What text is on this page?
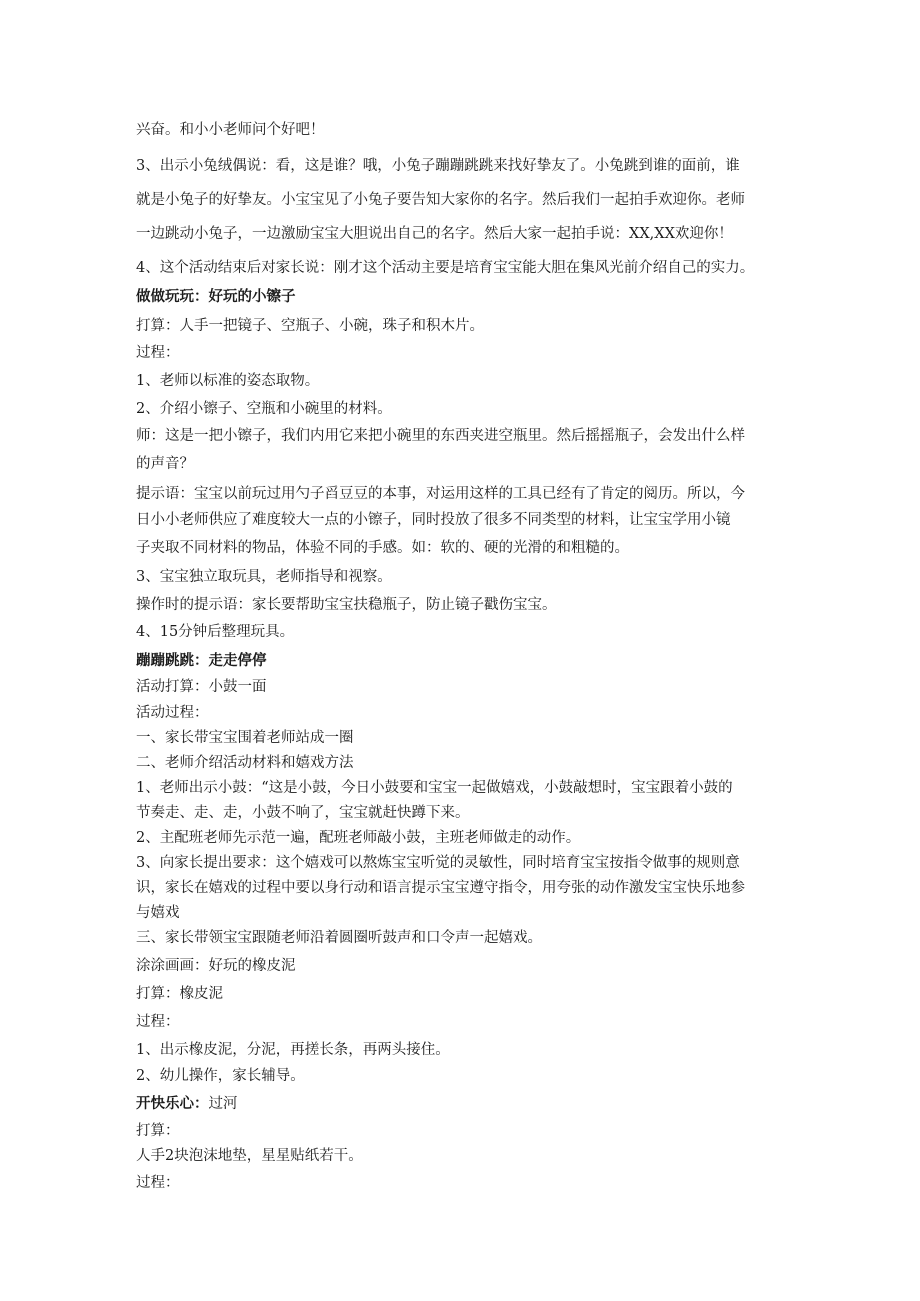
兴奋。和小小老师问个好吧！
3、出示小兔绒偶说：看，这是谁？哦，小兔子蹦蹦跳跳来找好挚友了。小兔跳到谁的面前，谁
就是小兔子的好挚友。小宝宝见了小兔子要告知大家你的名字。然后我们一起拍手欢迎你。老师
一边跳动小兔子，一边激励宝宝大胆说出自己的名字。然后大家一起拍手说：XX,XX欢迎你！
4、这个活动结束后对家长说：刚才这个活动主要是培育宝宝能大胆在集风光前介绍自己的实力。
做做玩玩：好玩的小镲子
打算：人手一把镜子、空瓶子、小碗，珠子和积木片。
过程：
1、老师以标准的姿态取物。
2、介绍小镲子、空瓶和小碗里的材料。
师：这是一把小镲子，我们内用它来把小碗里的东西夹进空瓶里。然后摇摇瓶子，会发出什么样
的声音？
提示语：宝宝以前玩过用勺子舀豆豆的本事，对运用这样的工具已经有了肯定的阅历。所以，今
日小小老师供应了难度较大一点的小镲子，同时投放了很多不同类型的材料，让宝宝学用小镜
子夹取不同材料的物品，体验不同的手感。如：软的、硬的光滑的和粗糙的。
3、宝宝独立取玩具，老师指导和视察。
操作时的提示语：家长要帮助宝宝扶稳瓶子，防止镜子戳伤宝宝。
4、15分钟后整理玩具。
蹦蹦跳跳：走走停停
活动打算：小鼓一面
活动过程：
一、家长带宝宝围着老师站成一圈
二、老师介绍活动材料和嬉戏方法
1、老师出示小鼓：“这是小鼓，今日小鼓要和宝宝一起做嬉戏，小鼓敲想时，宝宝跟着小鼓的
节奏走、走、走，小鼓不响了，宝宝就赶快蹲下来。
2、主配班老师先示范一遍，配班老师敲小鼓，主班老师做走的动作。
3、向家长提出要求：这个嬉戏可以熬炼宝宝听觉的灵敏性，同时培育宝宝按指令做事的规则意
识，家长在嬉戏的过程中要以身行动和语言提示宝宝遵守指令，用夸张的动作激发宝宝快乐地参
与嬉戏
三、家长带领宝宝跟随老师沿着圆圈听鼓声和口令声一起嬉戏。
涂涂画画：好玩的橡皮泥
打算：橡皮泥
过程：
1、出示橡皮泥，分泥，再搓长条，再两头接住。
2、幼儿操作，家长辅导。
开快乐心：过河
打算：
人手2块泡沫地垫，星星贴纸若干。
过程：
